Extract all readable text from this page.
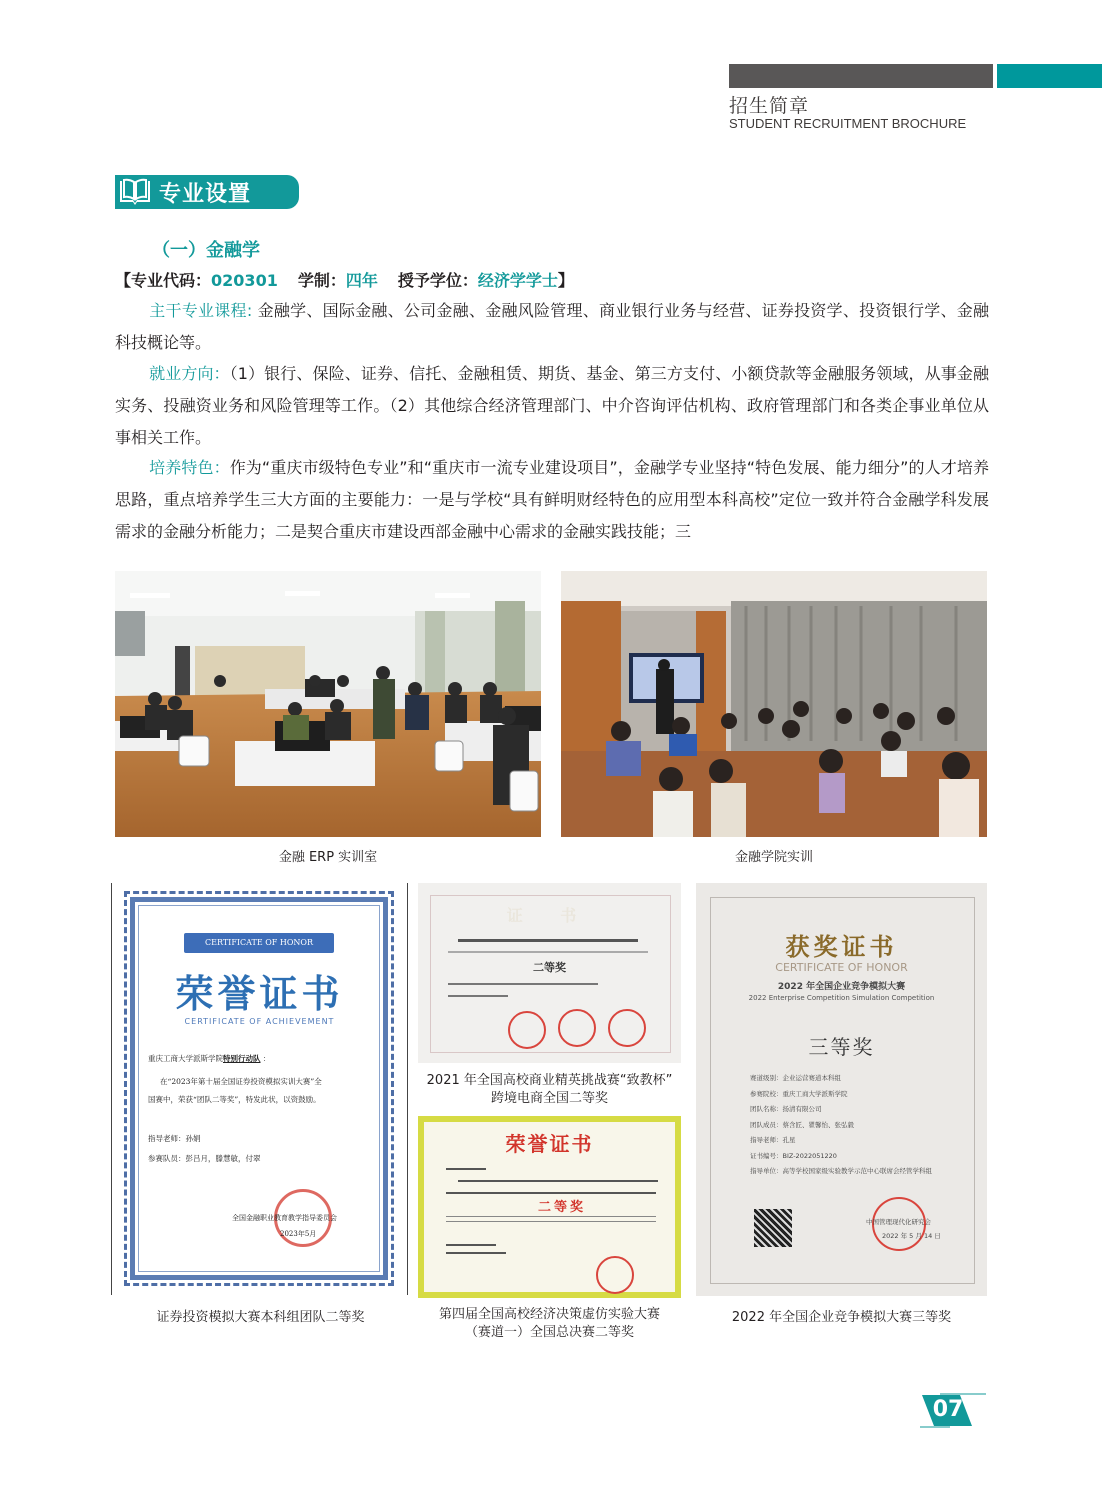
招生简章
STUDENT RECRUITMENT BROCHURE
专业设置
（一）金融学
【专业代码：020301 学制：四年 授予学位：经济学学士】
主干专业课程: 金融学、国际金融、公司金融、金融风险管理、商业银行业务与经营、证券投资学、投资银行学、金融科技概论等。
就业方向：（1）银行、保险、证券、信托、金融租赁、期货、基金、第三方支付、小额贷款等金融服务领域，从事金融实务、投融资业务和风险管理等工作。（2）其他综合经济管理部门、中介咨询评估机构、政府管理部门和各类企事业单位从事相关工作。
培养特色：作为“重庆市级特色专业”和“重庆市一流专业建设项目”，金融学专业坚持“特色发展、能力细分”的人才培养思路，重点培养学生三大方面的主要能力：一是与学校“具有鲜明财经特色的应用型本科高校”定位一致并符合金融学科发展需求的金融分析能力；二是契合重庆市建设西部金融中心需求的金融实践技能；三
金融 ERP 实训室	金融学院实训
CERTIFICATE OF HONOR
荣誉证书
CERTIFICATE OF ACHIEVEMENT
重庆工商大学派斯学院特别行动队 ：
在“2023年第十届全国证券投资模拟实训大赛”全
国赛中，荣获“团队二等奖”，特发此状，以资鼓励。
指导老师：孙娟
参赛队员：彭吕月，滕慧敏，付翠
全国金融职业教育教学指导委员会
2023年5月
证券投资模拟大赛本科组团队二等奖
证 书
二等奖
2021 年全国高校商业精英挑战赛“致教杯”
跨境电商全国二等奖
荣誉证书
二等奖
第四届全国高校经济决策虚仿实验大赛
（赛道一）全国总决赛二等奖
获奖证书
CERTIFICATE OF HONOR
2022 年全国企业竞争模拟大赛
2022 Enterprise Competition Simulation Competition
三等奖
赛道级别：企业运营赛道本科组
参赛院校：重庆工商大学派斯学院
团队名称：扬清有限公司
团队成员：蔡含匠、瞿馨怡、张弘毅
指导老师：孔星
证书编号：BIZ-2022051220
指导单位：高等学校国家级实验教学示范中心联席会经管学科组
中国管理现代化研究会
2022 年 5 月 14 日
2022 年全国企业竞争模拟大赛三等奖
07
